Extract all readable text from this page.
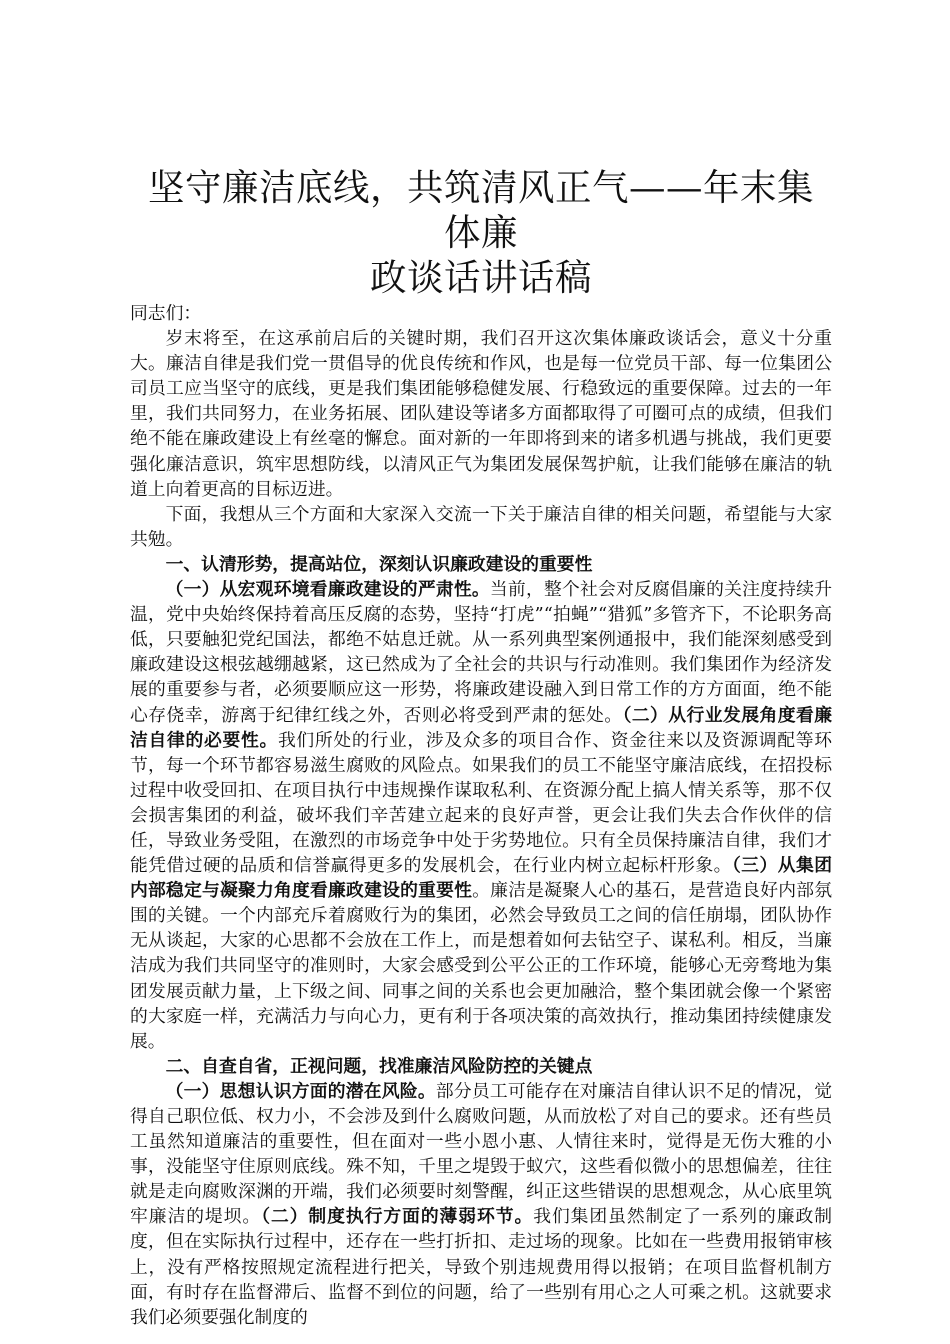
坚守廉洁底线，共筑清风正气——年末集体廉
政谈话讲话稿

同志们：

岁末将至，在这承前启后的关键时期，我们召开这次集体廉政谈话会，意义十分重大。廉洁自律是我们党一贯倡导的优良传统和作风，也是每一位党员干部、每一位集团公司员工应当坚守的底线，更是我们集团能够稳健发展、行稳致远的重要保障。过去的一年里，我们共同努力，在业务拓展、团队建设等诸多方面都取得了可圈可点的成绩，但我们绝不能在廉政建设上有丝毫的懈怠。面对新的一年即将到来的诸多机遇与挑战，我们更要强化廉洁意识，筑牢思想防线，以清风正气为集团发展保驾护航，让我们能够在廉洁的轨道上向着更高的目标迈进。

下面，我想从三个方面和大家深入交流一下关于廉洁自律的相关问题，希望能与大家共勉。

一、认清形势，提高站位，深刻认识廉政建设的重要性

（一）从宏观环境看廉政建设的严肃性。当前，整个社会对反腐倡廉的关注度持续升温，党中央始终保持着高压反腐的态势，坚持“打虎”“拍蝇”“猎狐”多管齐下，不论职务高低，只要触犯党纪国法，都绝不姑息迁就。从一系列典型案例通报中，我们能深刻感受到廉政建设这根弦越绷越紧，这已然成为了全社会的共识与行动准则。我们集团作为经济发展的重要参与者，必须要顺应这一形势，将廉政建设融入到日常工作的方方面面，绝不能心存侥幸，游离于纪律红线之外，否则必将受到严肃的惩处。（二）从行业发展角度看廉洁自律的必要性。我们所处的行业，涉及众多的项目合作、资金往来以及资源调配等环节，每一个环节都容易滋生腐败的风险点。如果我们的员工不能坚守廉洁底线，在招投标过程中收受回扣、在项目执行中违规操作谋取私利、在资源分配上搞人情关系等，那不仅会损害集团的利益，破坏我们辛苦建立起来的良好声誉，更会让我们失去合作伙伴的信任，导致业务受阻，在激烈的市场竞争中处于劣势地位。只有全员保持廉洁自律，我们才能凭借过硬的品质和信誉赢得更多的发展机会，在行业内树立起标杆形象。（三）从集团内部稳定与凝聚力角度看廉政建设的重要性。廉洁是凝聚人心的基石，是营造良好内部氛围的关键。一个内部充斥着腐败行为的集团，必然会导致员工之间的信任崩塌，团队协作无从谈起，大家的心思都不会放在工作上，而是想着如何去钻空子、谋私利。相反，当廉洁成为我们共同坚守的准则时，大家会感受到公平公正的工作环境，能够心无旁骛地为集团发展贡献力量，上下级之间、同事之间的关系也会更加融洽，整个集团就会像一个紧密的大家庭一样，充满活力与向心力，更有利于各项决策的高效执行，推动集团持续健康发展。

二、自查自省，正视问题，找准廉洁风险防控的关键点

（一）思想认识方面的潜在风险。部分员工可能存在对廉洁自律认识不足的情况，觉得自己职位低、权力小，不会涉及到什么腐败问题，从而放松了对自己的要求。还有些员工虽然知道廉洁的重要性，但在面对一些小恩小惠、人情往来时，觉得是无伤大雅的小事，没能坚守住原则底线。殊不知，千里之堤毁于蚁穴，这些看似微小的思想偏差，往往就是走向腐败深渊的开端，我们必须要时刻警醒，纠正这些错误的思想观念，从心底里筑牢廉洁的堤坝。（二）制度执行方面的薄弱环节。我们集团虽然制定了一系列的廉政制度，但在实际执行过程中，还存在一些打折扣、走过场的现象。比如在一些费用报销审核上，没有严格按照规定流程进行把关，导致个别违规费用得以报销；在项目监督机制方面，有时存在监督滞后、监督不到位的问题，给了一些别有用心之人可乘之机。这就要求我们必须要强化制度的
